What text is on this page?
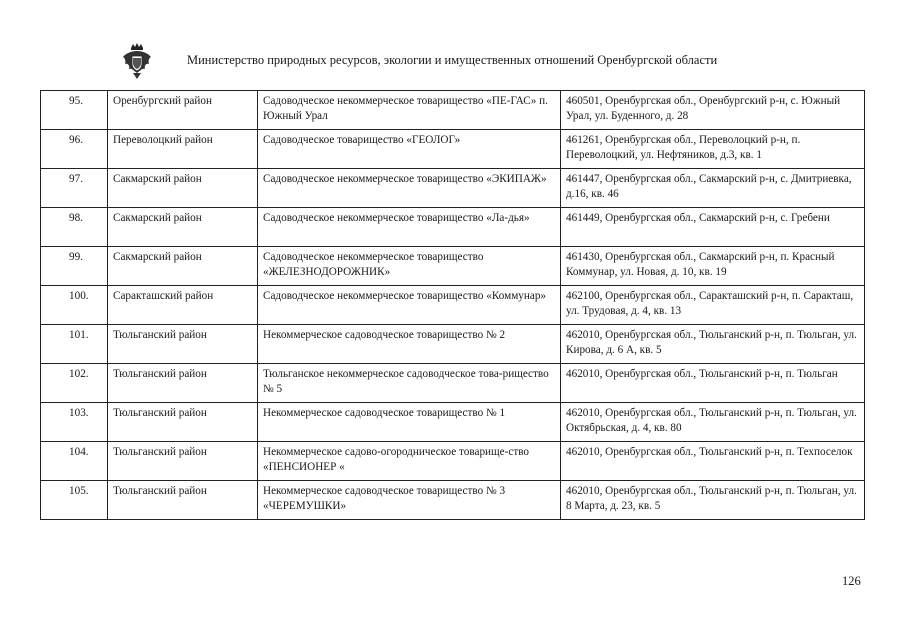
Министерство природных ресурсов, экологии и имущественных отношений Оренбургской области
95.	Оренбургский район	Садоводческое некоммерческое товарищество «ПЕ-ГАС» п. Южный Урал	460501, Оренбургская обл., Оренбургский р-н, с. Южный Урал, ул. Буденного, д. 28
96.	Переволоцкий район	Садоводческое товарищество «ГЕОЛОГ»	461261, Оренбургская обл., Переволоцкий р-н, п. Переволоцкий, ул. Нефтяников, д.3, кв. 1
97.	Сакмарский район	Садоводческое некоммерческое товарищество «ЭКИПАЖ»	461447, Оренбургская обл., Сакмарский р-н, с. Дмитриевка, д.16, кв. 46
98.	Сакмарский район	Садоводческое некоммерческое товарищество «Ла-дья»	461449, Оренбургская обл., Сакмарский р-н, с. Гребени
99.	Сакмарский район	Садоводческое некоммерческое товарищество «ЖЕЛЕЗНОДОРОЖНИК»	461430, Оренбургская обл., Сакмарский р-н, п. Красный Коммунар, ул. Новая, д. 10, кв. 19
100.	Саракташский район	Садоводческое некоммерческое товарищество «Коммунар»	462100, Оренбургская обл., Саракташский р-н, п. Саракташ, ул. Трудовая, д. 4, кв. 13
101.	Тюльганский район	Некоммерческое садоводческое товарищество № 2	462010, Оренбургская обл., Тюльганский р-н, п. Тюльган, ул. Кирова, д. 6 А, кв. 5
102.	Тюльганский район	Тюльганское некоммерческое садоводческое това-рищество № 5	462010, Оренбургская обл., Тюльганский р-н, п. Тюльган
103.	Тюльганский район	Некоммерческое садоводческое товарищество № 1	462010, Оренбургская обл., Тюльганский р-н, п. Тюльган, ул. Октябрьская, д. 4, кв. 80
104.	Тюльганский район	Некоммерческое садово-огородническое товарище-ство «ПЕНСИОНЕР «	462010, Оренбургская обл., Тюльганский р-н, п. Техпоселок
105.	Тюльганский район	Некоммерческое садоводческое товарищество № 3 «ЧЕРЕМУШКИ»	462010, Оренбургская обл., Тюльганский р-н, п. Тюльган, ул. 8 Марта, д. 23, кв. 5
126
